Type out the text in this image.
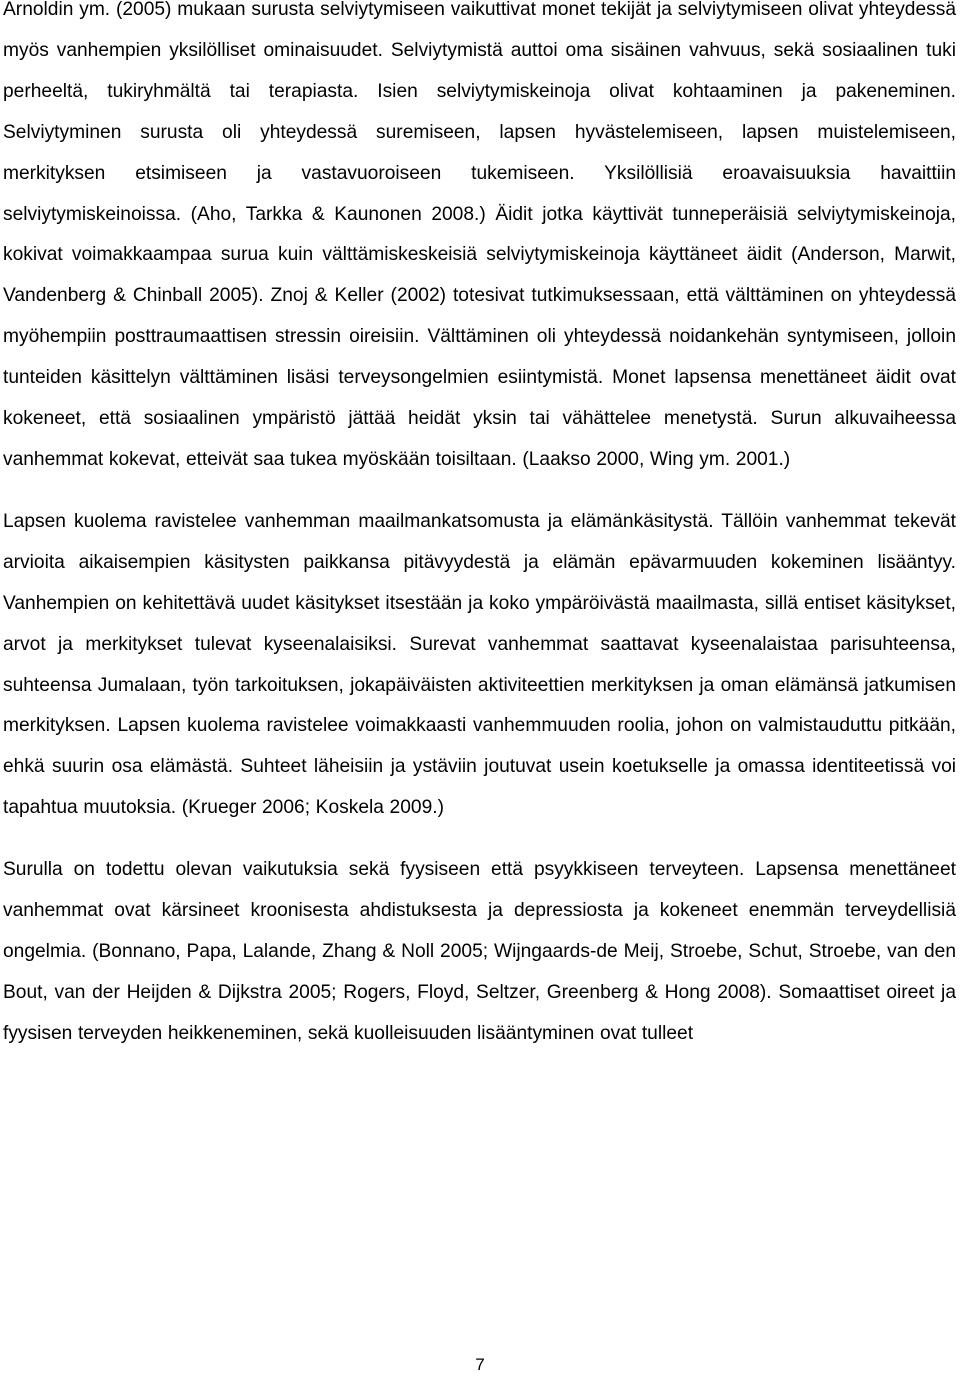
Arnoldin ym. (2005) mukaan surusta selviytymiseen vaikuttivat monet tekijät ja selviytymiseen olivat yhteydessä myös vanhempien yksilölliset ominaisuudet. Selviytymistä auttoi oma sisäinen vahvuus, sekä sosiaalinen tuki perheeltä, tukiryhmältä tai terapiasta. Isien selviytymiskeinoja olivat kohtaaminen ja pakeneminen. Selviytyminen surusta oli yhteydessä suremiseen, lapsen hyvästelemiseen, lapsen muistelemiseen, merkityksen etsimiseen ja vastavuoroiseen tukemiseen. Yksilöllisiä eroavaisuuksia havaittiin selviytymiskeinoissa. (Aho, Tarkka & Kaunonen 2008.) Äidit jotka käyttivät tunneperäisiä selviytymiskeinoja, kokivat voimakkaampaa surua kuin välttämiskeskeisiä selviytymiskeinoja käyttäneet äidit (Anderson, Marwit, Vandenberg & Chinball 2005). Znoj & Keller (2002) totesivat tutkimuksessaan, että välttäminen on yhteydessä myöhempiin posttraumaattisen stressin oireisiin. Välttäminen oli yhteydessä noidankehän syntymiseen, jolloin tunteiden käsittelyn välttäminen lisäsi terveysongelmien esiintymistä. Monet lapsensa menettäneet äidit ovat kokeneet, että sosiaalinen ympäristö jättää heidät yksin tai vähättelee menetystä. Surun alkuvaiheessa vanhemmat kokevat, etteivät saa tukea myöskään toisiltaan. (Laakso 2000, Wing ym. 2001.)

Lapsen kuolema ravistelee vanhemman maailmankatsomusta ja elämänkäsitystä. Tällöin vanhemmat tekevät arvioita aikaisempien käsitysten paikkansa pitävyydestä ja elämän epävarmuuden kokeminen lisääntyy. Vanhempien on kehitettävä uudet käsitykset itsestään ja koko ympäröivästä maailmasta, sillä entiset käsitykset, arvot ja merkitykset tulevat kyseenalaisiksi. Surevat vanhemmat saattavat kyseenalaistaa parisuhteensa, suhteensa Jumalaan, työn tarkoituksen, jokapäiväisten aktiviteettien merkityksen ja oman elämänsä jatkumisen merkityksen. Lapsen kuolema ravistelee voimakkaasti vanhemmuuden roolia, johon on valmistauduttu pitkään, ehkä suurin osa elämästä. Suhteet läheisiin ja ystäviin joutuvat usein koetukselle ja omassa identiteetissä voi tapahtua muutoksia. (Krueger 2006; Koskela 2009.)

Surulla on todettu olevan vaikutuksia sekä fyysiseen että psyykkiseen terveyteen. Lapsensa menettäneet vanhemmat ovat kärsineet kroonisesta ahdistuksesta ja depressiosta ja kokeneet enemmän terveydellisiä ongelmia. (Bonnano, Papa, Lalande, Zhang & Noll 2005; Wijngaards-de Meij, Stroebe, Schut, Stroebe, van den Bout, van der Heijden & Dijkstra 2005; Rogers, Floyd, Seltzer, Greenberg & Hong 2008). Somaattiset oireet ja fyysisen terveyden heikkeneminen, sekä kuolleisuuden lisääntyminen ovat tulleet

7
